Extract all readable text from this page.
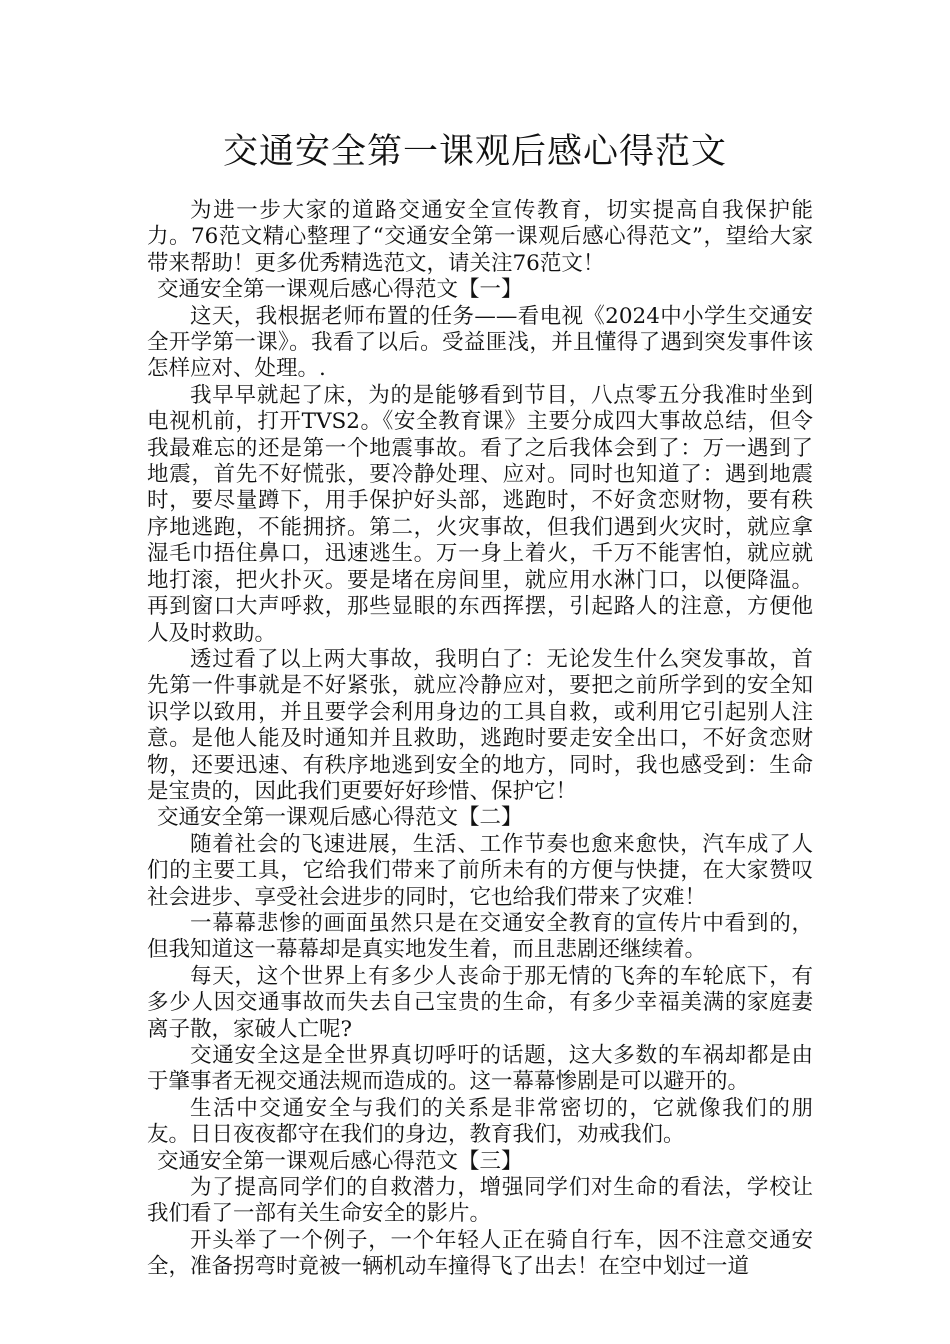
交通安全第一课观后感心得范文

为进一步大家的道路交通安全宣传教育，切实提高自我保护能力。76范文精心整理了“交通安全第一课观后感心得范文”，望给大家带来帮助！更多优秀精选范文，请关注76范文！

交通安全第一课观后感心得范文【一】

这天，我根据老师布置的任务——看电视《2024中小学生交通安全开学第一课》。我看了以后。受益匪浅，并且懂得了遇到突发事件该怎样应对、处理。.

我早早就起了床，为的是能够看到节目，八点零五分我准时坐到电视机前，打开TVS2。《安全教育课》主要分成四大事故总结，但令我最难忘的还是第一个地震事故。看了之后我体会到了：万一遇到了地震，首先不好慌张，要冷静处理、应对。同时也知道了：遇到地震时，要尽量蹲下，用手保护好头部，逃跑时，不好贪恋财物，要有秩序地逃跑，不能拥挤。第二，火灾事故，但我们遇到火灾时，就应拿湿毛巾捂住鼻口，迅速逃生。万一身上着火，千万不能害怕，就应就地打滚，把火扑灭。要是堵在房间里，就应用水淋门口，以便降温。再到窗口大声呼救，那些显眼的东西挥摆，引起路人的注意，方便他人及时救助。

透过看了以上两大事故，我明白了：无论发生什么突发事故，首先第一件事就是不好紧张，就应冷静应对，要把之前所学到的安全知识学以致用，并且要学会利用身边的工具自救，或利用它引起别人注意。是他人能及时通知并且救助，逃跑时要走安全出口，不好贪恋财物，还要迅速、有秩序地逃到安全的地方，同时，我也感受到：生命是宝贵的，因此我们更要好好珍惜、保护它！

交通安全第一课观后感心得范文【二】

随着社会的飞速进展，生活、工作节奏也愈来愈快，汽车成了人们的主要工具，它给我们带来了前所未有的方便与快捷，在大家赞叹社会进步、享受社会进步的同时，它也给我们带来了灾难！

一幕幕悲惨的画面虽然只是在交通安全教育的宣传片中看到的，但我知道这一幕幕却是真实地发生着，而且悲剧还继续着。

每天，这个世界上有多少人丧命于那无情的飞奔的车轮底下，有多少人因交通事故而失去自己宝贵的生命，有多少幸福美满的家庭妻离子散，家破人亡呢?

交通安全这是全世界真切呼吁的话题，这大多数的车祸却都是由于肇事者无视交通法规而造成的。这一幕幕惨剧是可以避开的。

生活中交通安全与我们的关系是非常密切的，它就像我们的朋友。日日夜夜都守在我们的身边，教育我们，劝戒我们。

交通安全第一课观后感心得范文【三】

为了提高同学们的自救潜力，增强同学们对生命的看法，学校让我们看了一部有关生命安全的影片。

开头举了一个例子，一个年轻人正在骑自行车，因不注意交通安全，准备拐弯时竟被一辆机动车撞得飞了出去！在空中划过一道
